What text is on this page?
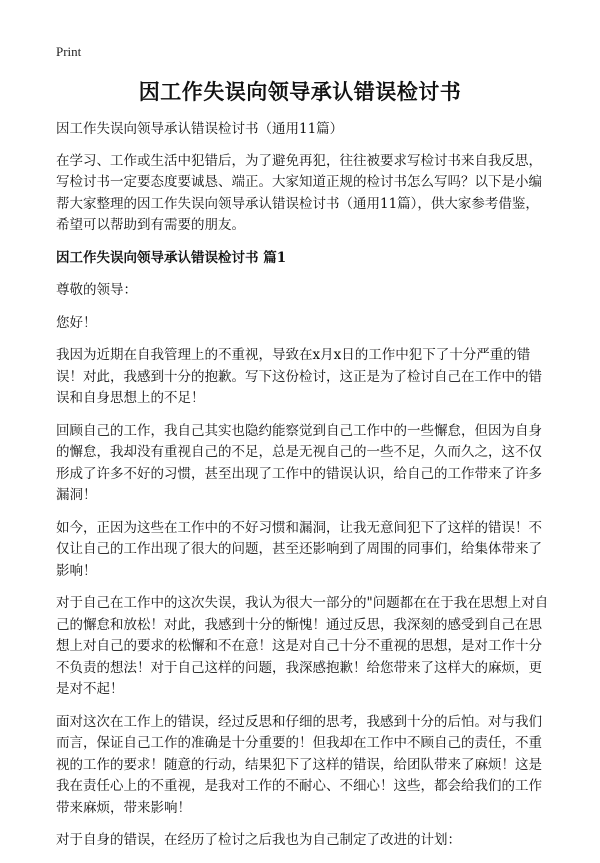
Print
因工作失误向领导承认错误检讨书

因工作失误向领导承认错误检讨书（通用11篇）

在学习、工作或生活中犯错后，为了避免再犯，往往被要求写检讨书来自我反思，写检讨书一定要态度要诚恳、端正。大家知道正规的检讨书怎么写吗？以下是小编帮大家整理的因工作失误向领导承认错误检讨书（通用11篇），供大家参考借鉴，希望可以帮助到有需要的朋友。

因工作失误向领导承认错误检讨书 篇1

尊敬的领导：

您好！

我因为近期在自我管理上的不重视，导致在x月x日的工作中犯下了十分严重的错误！对此，我感到十分的抱歉。写下这份检讨，这正是为了检讨自己在工作中的错误和自身思想上的不足！

回顾自己的工作，我自己其实也隐约能察觉到自己工作中的一些懈怠，但因为自身的懈怠，我却没有重视自己的不足，总是无视自己的一些不足，久而久之，这不仅形成了许多不好的习惯，甚至出现了工作中的错误认识，给自己的工作带来了许多漏洞！

如今，正因为这些在工作中的不好习惯和漏洞，让我无意间犯下了这样的错误！不仅让自己的工作出现了很大的问题，甚至还影响到了周围的同事们，给集体带来了影响！

对于自己在工作中的这次失误，我认为很大一部分的"问题都在在于我在思想上对自己的懈怠和放松！对此，我感到十分的惭愧！通过反思，我深刻的感受到自己在思想上对自己的要求的松懈和不在意！这是对自己十分不重视的思想，是对工作十分不负责的想法！对于自己这样的问题，我深感抱歉！给您带来了这样大的麻烦，更是对不起！

面对这次在工作上的错误，经过反思和仔细的思考，我感到十分的后怕。对与我们而言，保证自己工作的准确是十分重要的！但我却在工作中不顾自己的责任，不重视的工作的要求！随意的行动，结果犯下了这样的错误，给团队带来了麻烦！这是我在责任心上的不重视，是我对工作的不耐心、不细心！这些，都会给我们的工作带来麻烦，带来影响！

对于自身的错误，在经历了检讨之后我也为自己制定了改进的计划：
